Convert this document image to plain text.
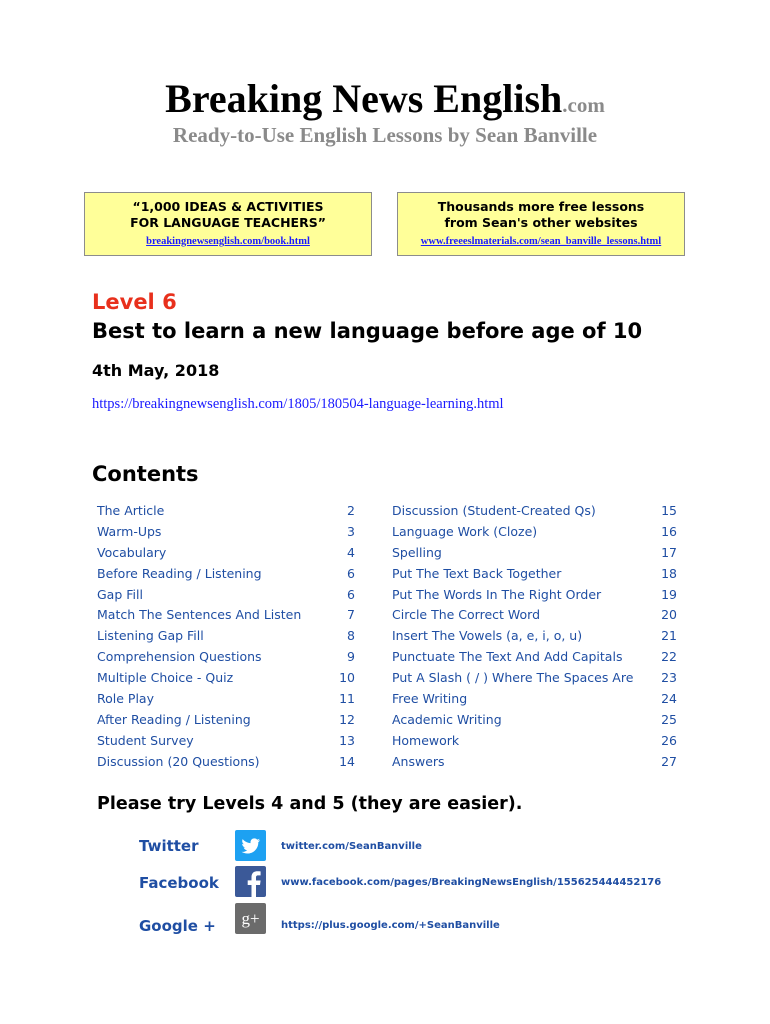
Breaking News English.com
Ready-to-Use English Lessons by Sean Banville
“1,000 IDEAS & ACTIVITIES
FOR LANGUAGE TEACHERS”
breakingnewsenglish.com/book.html
Thousands more free lessons
from Sean's other websites
www.freeeslmaterials.com/sean_banville_lessons.html
Level 6
Best to learn a new language before age of 10
4th May, 2018
https://breakingnewsenglish.com/1805/180504-language-learning.html
Contents
The Article	2
Warm-Ups	3
Vocabulary	4
Before Reading / Listening	6
Gap Fill	6
Match The Sentences And Listen	7
Listening Gap Fill	8
Comprehension Questions	9
Multiple Choice - Quiz	10
Role Play	11
After Reading / Listening	12
Student Survey	13
Discussion (20 Questions)	14
Discussion (Student-Created Qs)	15
Language Work (Cloze)	16
Spelling	17
Put The Text Back Together	18
Put The Words In The Right Order	19
Circle The Correct Word	20
Insert The Vowels (a, e, i, o, u)	21
Punctuate The Text And Add Capitals	22
Put A Slash ( / ) Where The Spaces Are 23
Free Writing	24
Academic Writing	25
Homework	26
Answers	27
Please try Levels 4 and 5 (they are easier).
Twitter	twitter.com/SeanBanville
Facebook	www.facebook.com/pages/BreakingNewsEnglish/155625444452176
Google + g+ https://plus.google.com/+SeanBanville
